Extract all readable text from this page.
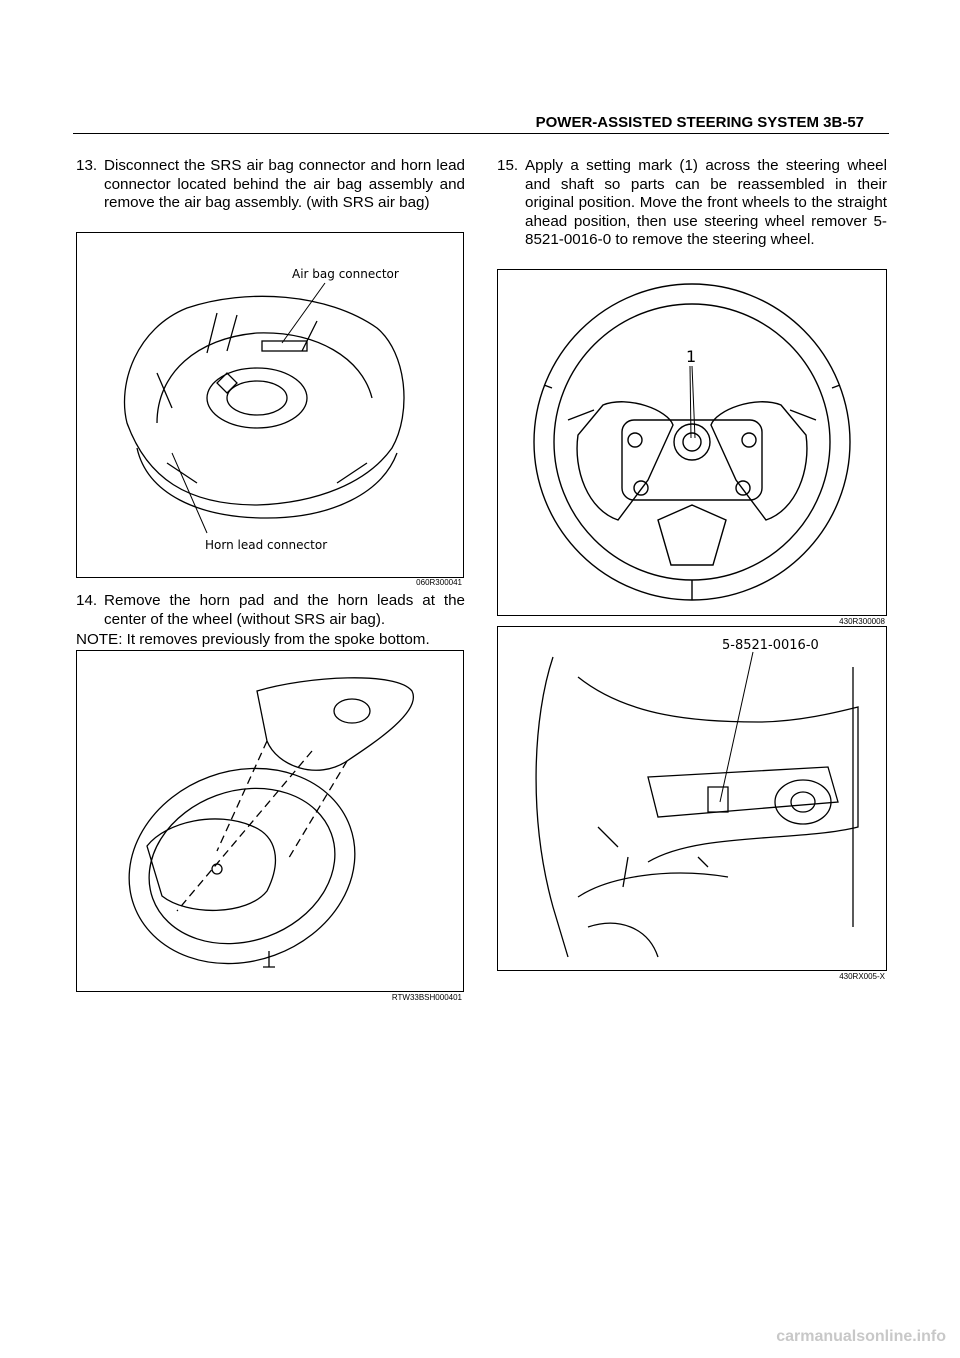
POWER-ASSISTED STEERING SYSTEM 3B-57
13. Disconnect the SRS air bag connector and horn lead connector located behind the air bag assembly and remove the air bag assembly. (with SRS air bag)
Air bag connector
Horn lead connector
060R300041
14. Remove the horn pad and the horn leads at the center of the wheel (without SRS air bag).
NOTE: It removes previously from the spoke bottom.
RTW33BSH000401
15. Apply a setting mark (1) across the steering wheel and shaft so parts can be reassembled in their original position. Move the front wheels to the straight ahead position, then use steering wheel remover 5-8521-0016-0 to remove the steering wheel.
1
430R300008
5-8521-0016-0
430RX005-X
carmanualsonline.info
